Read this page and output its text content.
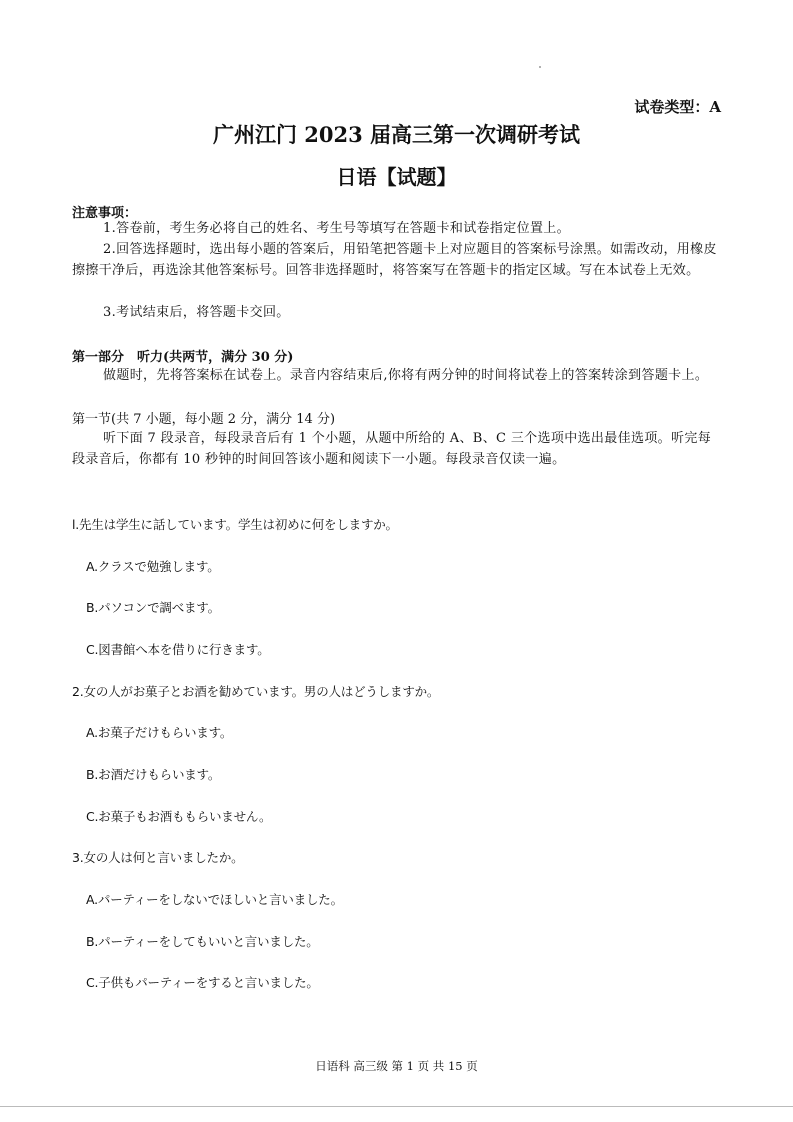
试卷类型：A
广州江门 2023 届高三第一次调研考试
日语【试题】
注意事项：
1.答卷前，考生务必将自己的姓名、考生号等填写在答题卡和试卷指定位置上。
2.回答选择题时，选出每小题的答案后，用铅笔把答题卡上对应题目的答案标号涂黑。如需改动，用橡皮擦擦干净后，再选涂其他答案标号。回答非选择题时，将答案写在答题卡的指定区域。写在本试卷上无效。
3.考试结束后，将答题卡交回。
第一部分　听力(共两节，满分 30 分)
做题时，先将答案标在试卷上。录音内容结束后,你将有两分钟的时间将试卷上的答案转涂到答题卡上。
第一节(共 7 小题，每小题 2 分，满分 14 分)
听下面 7 段录音，每段录音后有 1 个小题，从题中所给的 A、B、C 三个选项中选出最佳选项。听完每段录音后，你都有 10 秒钟的时间回答该小题和阅读下一小题。每段录音仅读一遍。
l.先生は学生に話しています。学生は初めに何をしますか。
A.クラスで勉強します。
B.パソコンで調べます。
C.図書館へ本を借りに行きます。
2.女の人がお菓子とお酒を勧めています。男の人はどうしますか。
A.お菓子だけもらいます。
B.お酒だけもらいます。
C.お菓子もお酒ももらいません。
3.女の人は何と言いましたか。
A.パーティーをしないでほしいと言いました。
B.パーティーをしてもいいと言いました。
C.子供もパーティーをすると言いました。
日语科 高三级 第 1 页 共 15 页
